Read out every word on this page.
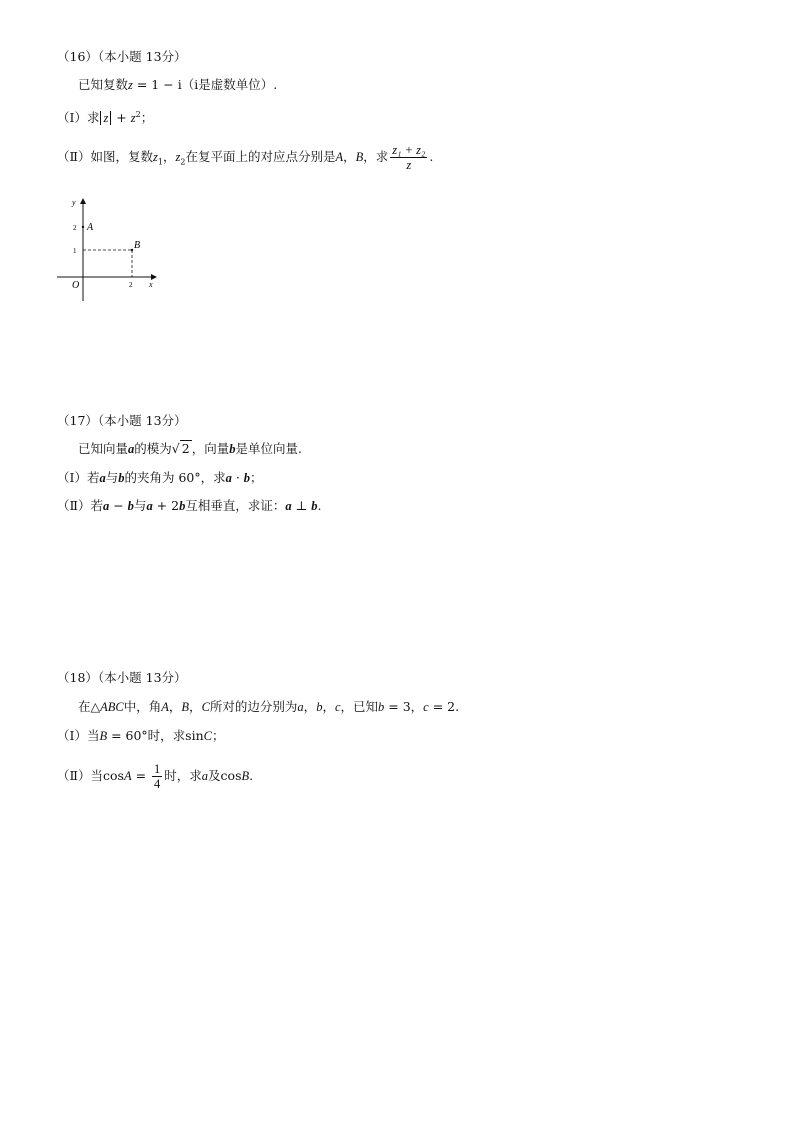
（16）（本小题 13分）
已知复数z = 1 − i（i是虚数单位）.
（Ⅰ）求 $z + z^2$；
（Ⅱ）如图，复数$z_1$，$z_2$在复平面上的对应点分别是A，B，求 $\frac{\text{z₁ + z₂}}{z}$ .
y
x
O
2
1
2
A
B
（17）（本小题 13分）
已知向量a的模为√ 2 ，向量b是单位向量.
（Ⅰ）若a与b的夹角为 60°，求a · b；
（Ⅱ）若a − b与a + 2b互相垂直，求证：a ⊥ b.
（18）（本小题 13分）
在△ABC中，角A，B，C所对的边分别为a，b，c，已知b = 3，c = 2.
（Ⅰ）当B = 60°时，求sinC；
（Ⅱ）当$\cos A = \frac{1}{4}$ 时，求a及cosB.
